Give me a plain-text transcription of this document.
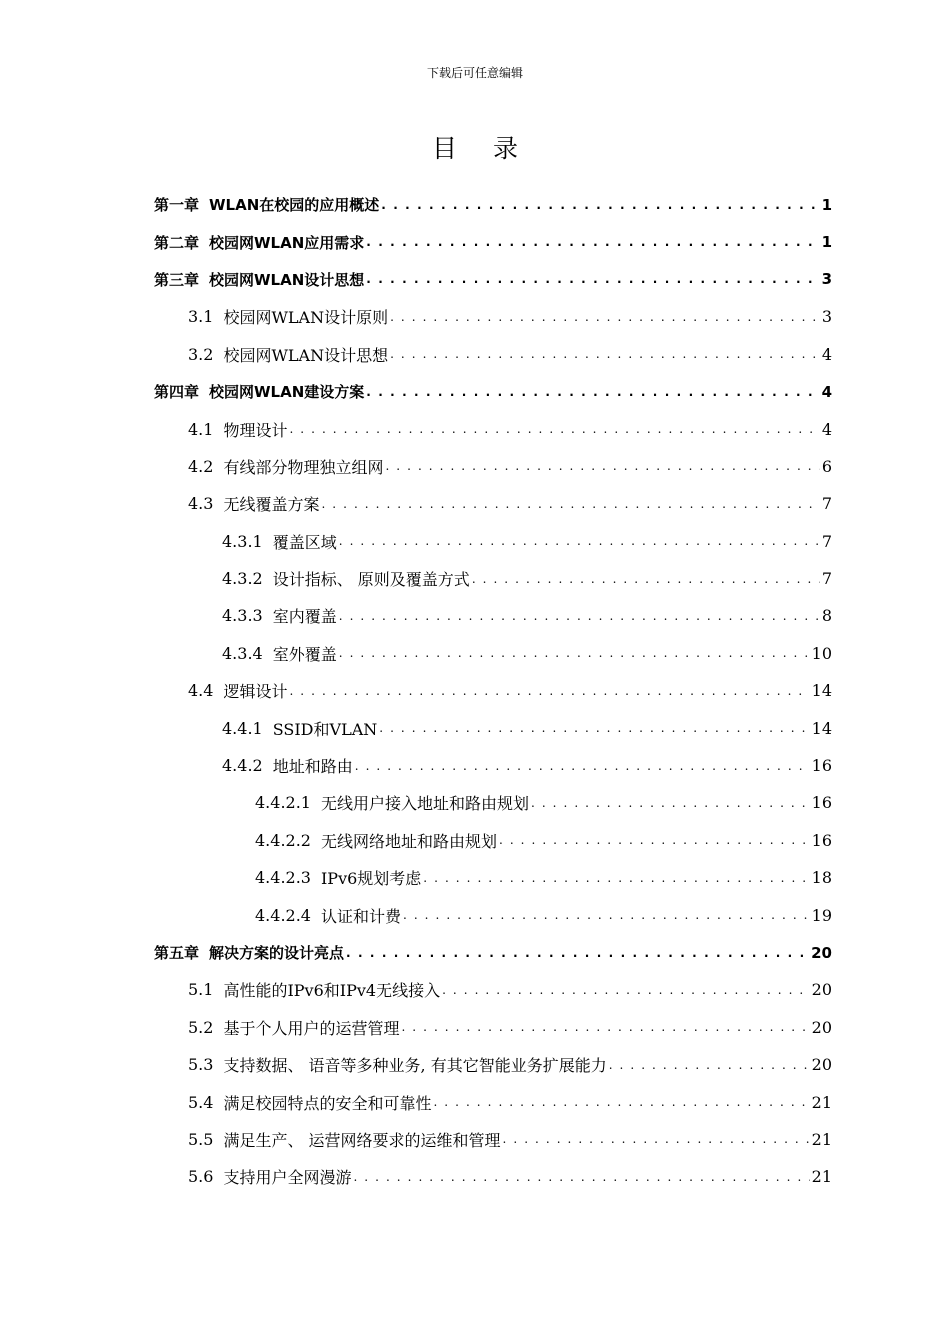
下载后可任意编辑
目 录
第一章 WLAN在校园的应用概述 . . .	1
第二章 校园网WLAN应用需求 . . .	1
第三章 校园网WLAN设计思想 . . .	3
3.1 校园网WLAN设计原则 . . .	3
3.2 校园网WLAN设计思想 . . .	4
第四章 校园网WLAN建设方案 . . .	4
4.1 物理设计 . . .	4
4.2 有线部分物理独立组网 . . .	6
4.3 无线覆盖方案 . . .	7
4.3.1 覆盖区域 . . .	7
4.3.2 设计指标、 原则及覆盖方式 . . .	7
4.3.3 室内覆盖 . . .	8
4.3.4 室外覆盖 . . .	10
4.4 逻辑设计 . . .	14
4.4.1 SSID和VLAN . . .	14
4.4.2 地址和路由 . . .	16
4.4.2.1 无线用户接入地址和路由规划 . . .	16
4.4.2.2 无线网络地址和路由规划 . . .	16
4.4.2.3 IPv6规划考虑 . . .	18
4.4.2.4 认证和计费 . . .	19
第五章 解决方案的设计亮点 . . .	20
5.1 高性能的IPv6和IPv4无线接入 . . .	20
5.2 基于个人用户的运营管理 . . .	20
5.3 支持数据、 语音等多种业务, 有其它智能业务扩展能力 . . .	20
5.4 满足校园特点的安全和可靠性 . . .	21
5.5 满足生产、 运营网络要求的运维和管理 . . .	21
5.6 支持用户全网漫游 . . .	21
